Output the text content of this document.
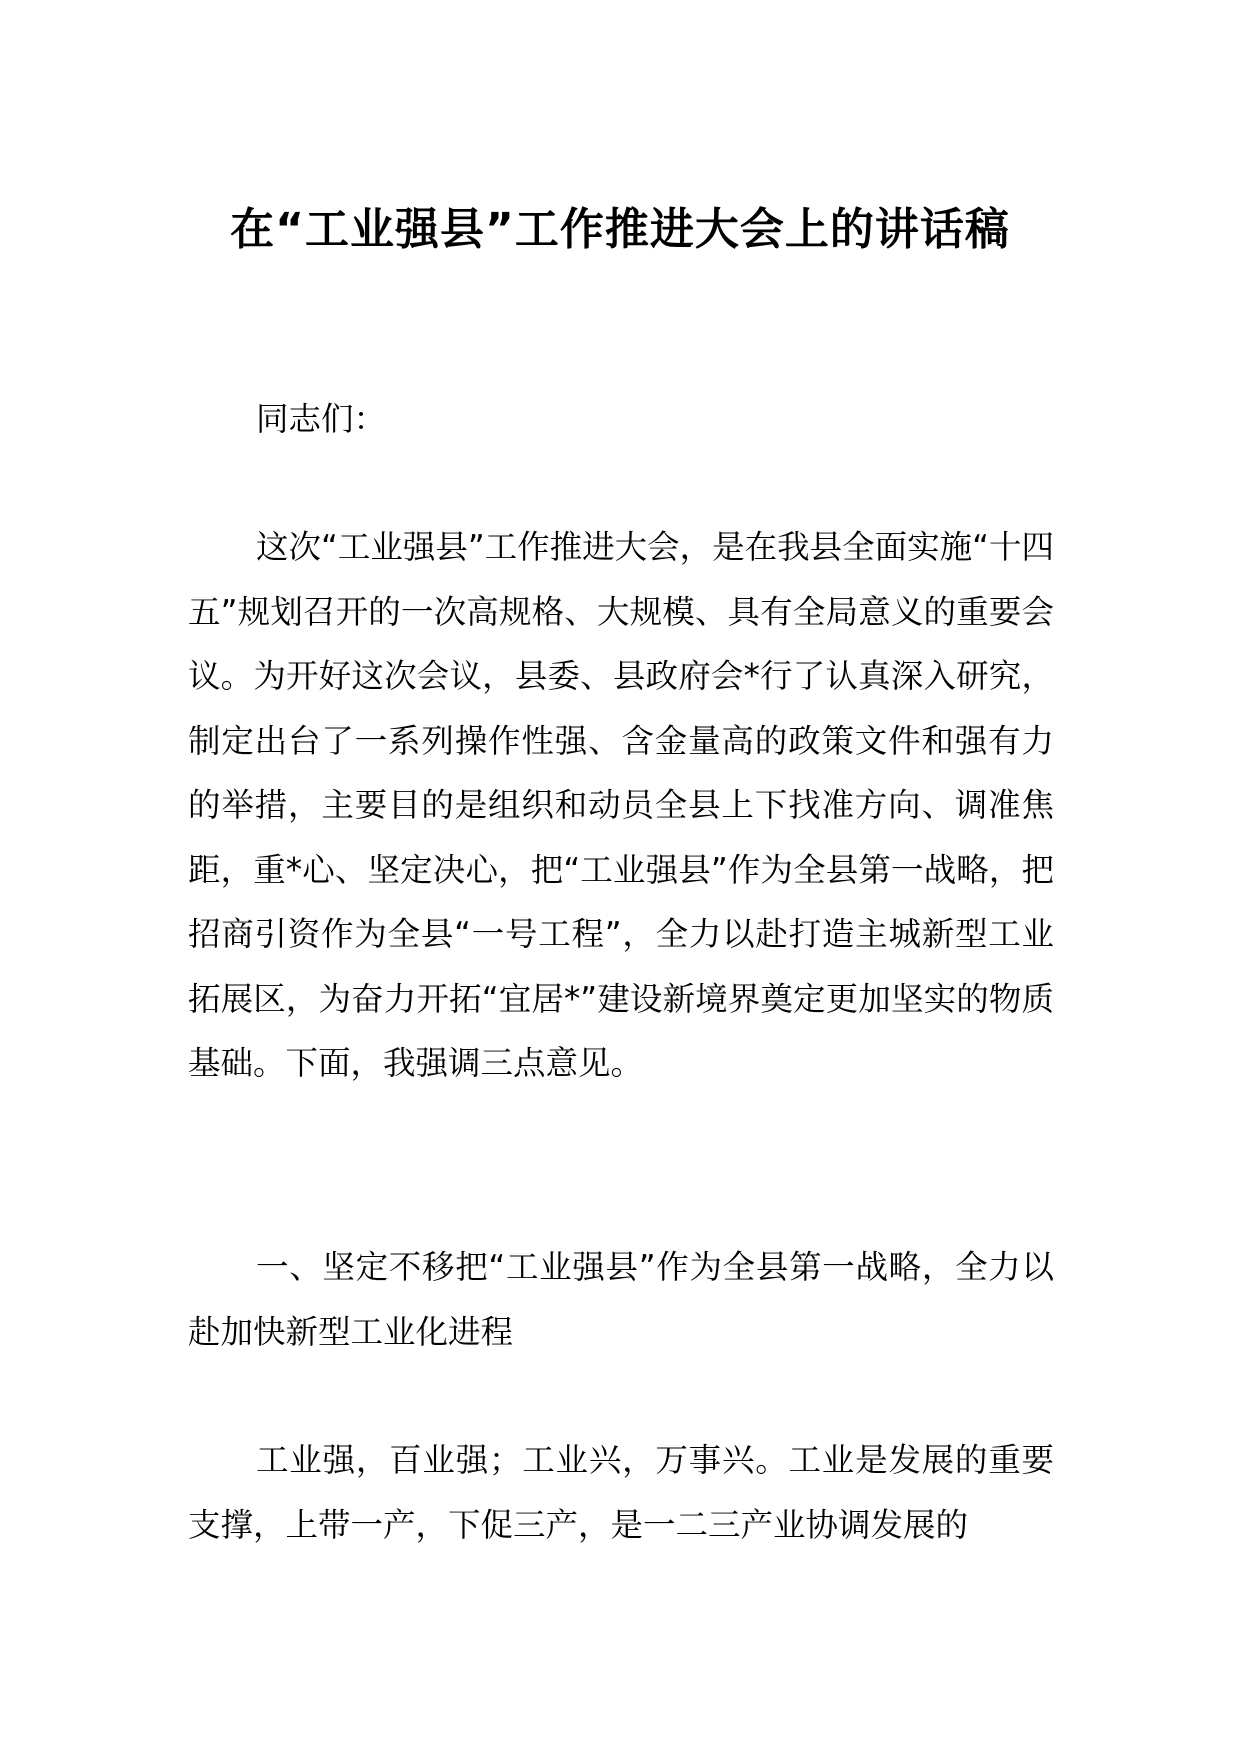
在“工业强县”工作推进大会上的讲话稿
同志们：
这次“工业强县”工作推进大会，是在我县全面实施“十四五”规划召开的一次高规格、大规模、具有全局意义的重要会议。为开好这次会议，县委、县政府会*行了认真深入研究，制定出台了一系列操作性强、含金量高的政策文件和强有力的举措，主要目的是组织和动员全县上下找准方向、调准焦距，重*心、坚定决心，把“工业强县”作为全县第一战略，把招商引资作为全县“一号工程”，全力以赴打造主城新型工业拓展区，为奋力开拓“宜居*”建设新境界奠定更加坚实的物质基础。下面，我强调三点意见。
一、坚定不移把“工业强县”作为全县第一战略，全力以赴加快新型工业化进程
工业强，百业强；工业兴，万事兴。工业是发展的重要支撑，上带一产，下促三产，是一二三产业协调发展的
